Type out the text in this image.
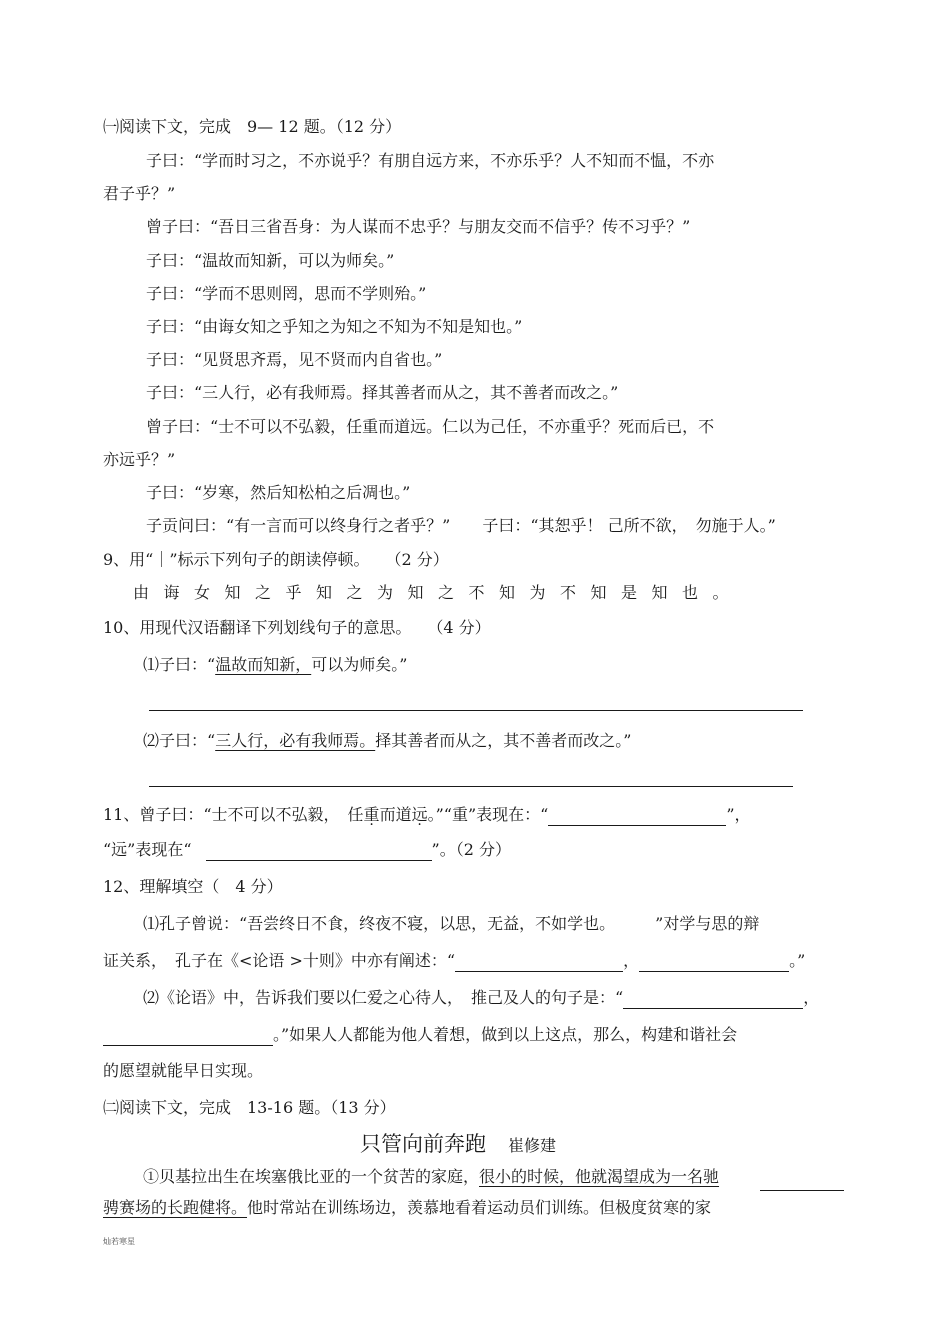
㈠阅读下文，完成　9— 12 题。（12 分）
子曰：“学而时习之，不亦说乎？有朋自远方来，不亦乐乎？人不知而不愠，不亦
君子乎？”
曾子曰：“吾日三省吾身：为人谋而不忠乎？与朋友交而不信乎？传不习乎？”
子曰：“温故而知新，可以为师矣。”
子曰：“学而不思则罔，思而不学则殆。”
子曰：“由诲女知之乎知之为知之不知为不知是知也。”
子曰：“见贤思齐焉，见不贤而内自省也。”
子曰：“三人行，必有我师焉。择其善者而从之，其不善者而改之。”
曾子曰：“士不可以不弘毅，任重而道远。仁以为己任，不亦重乎？死而后已，不
亦远乎？”
子曰：“岁寒，然后知松柏之后凋也。”
子贡问曰：“有一言而可以终身行之者乎？”　　子曰：“其恕乎！ 己所不欲，　勿施于人。”
9、用“｜”标示下列句子的朗读停顿。　　（2 分）
由 诲 女 知 之 乎 知 之 为 知 之 不 知 为 不 知 是 知 也 。
10、用现代汉语翻译下列划线句子的意思。　　（4 分）
⑴子曰：“温故而知新，可以为师矣。”
⑵子曰：“三人行，必有我师焉。择其善者而从之，其不善者而改之。”
11、曾子曰：“士不可以不弘毅，　任重而道远。”“重”表现在：“	”，
“远”表现在“	”。（2 分）
12、理解填空（　4 分）
⑴孔子曾说：“吾尝终日不食，终夜不寝，以思，无益，不如学也。　　　”对学与思的辩
证关系，　孔子在《<论语 >十则》中亦有阐述：“	，	。”
⑵《论语》中，告诉我们要以仁爱之心待人，　推己及人的句子是：“	，
。”如果人人都能为他人着想，做到以上这点，那么，构建和谐社会
的愿望就能早日实现。
㈡阅读下文，完成　13-16 题。（13 分）
只管向前奔跑 崔修建
①贝基拉出生在埃塞俄比亚的一个贫苦的家庭，很小的时候，他就渴望成为一名驰
骋赛场的长跑健将。他时常站在训练场边，羡慕地看着运动员们训练。但极度贫寒的家
灿若寒星
